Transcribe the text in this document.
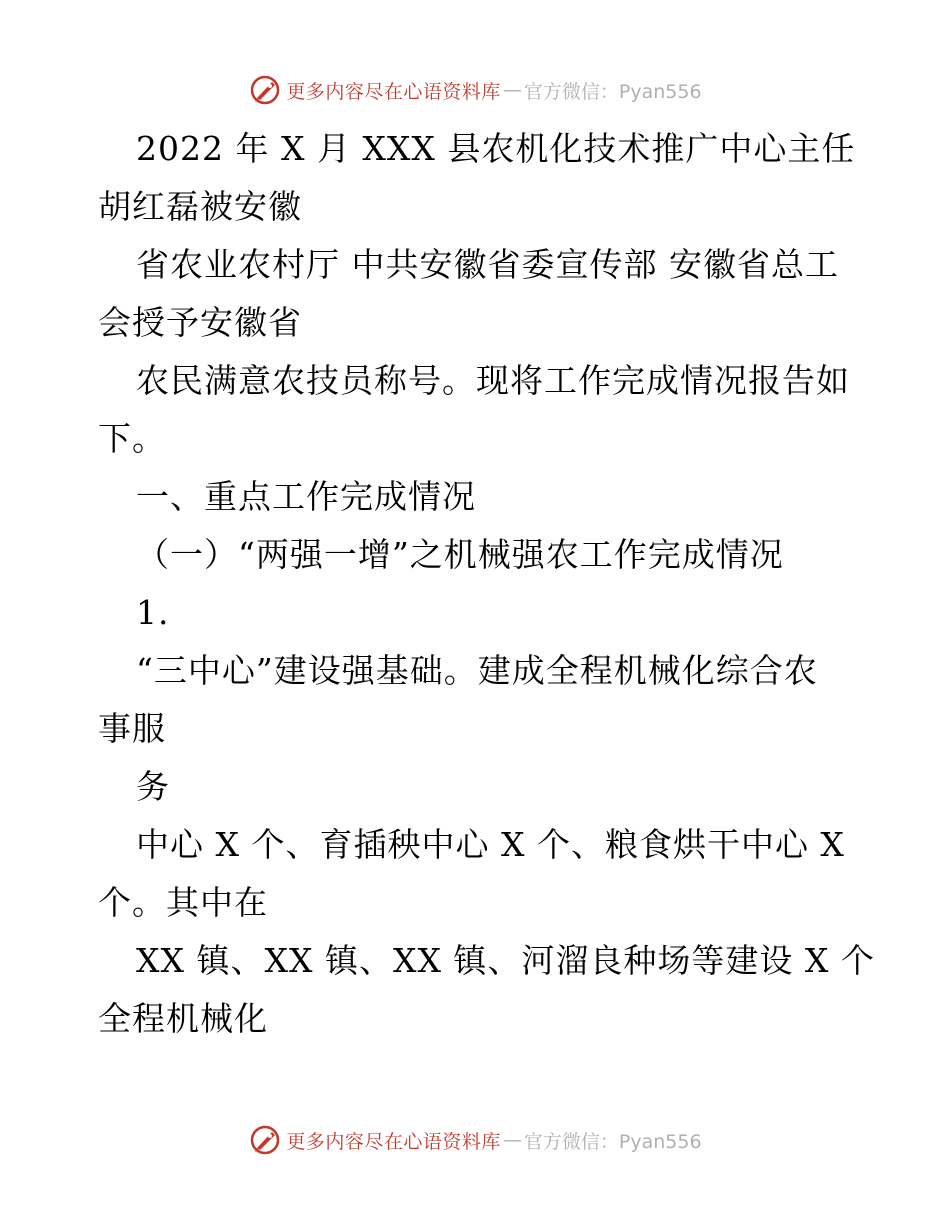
更多内容尽在心语资料库 — 官方微信：Pyan556
2022 年 X 月 XXX 县农机化技术推广中心主任
胡红磊被安徽
省农业农村厅 中共安徽省委宣传部 安徽省总工
会授予安徽省
农民满意农技员称号。现将工作完成情况报告如
下。
一、重点工作完成情况
（一）“两强一增”之机械强农工作完成情况
1.
“三中心”建设强基础。建成全程机械化综合农
事服
务
中心 X 个、育插秧中心 X 个、粮食烘干中心 X
个。其中在
XX 镇、XX 镇、XX 镇、河溜良种场等建设 X 个
全程机械化
更多内容尽在心语资料库 — 官方微信：Pyan556
